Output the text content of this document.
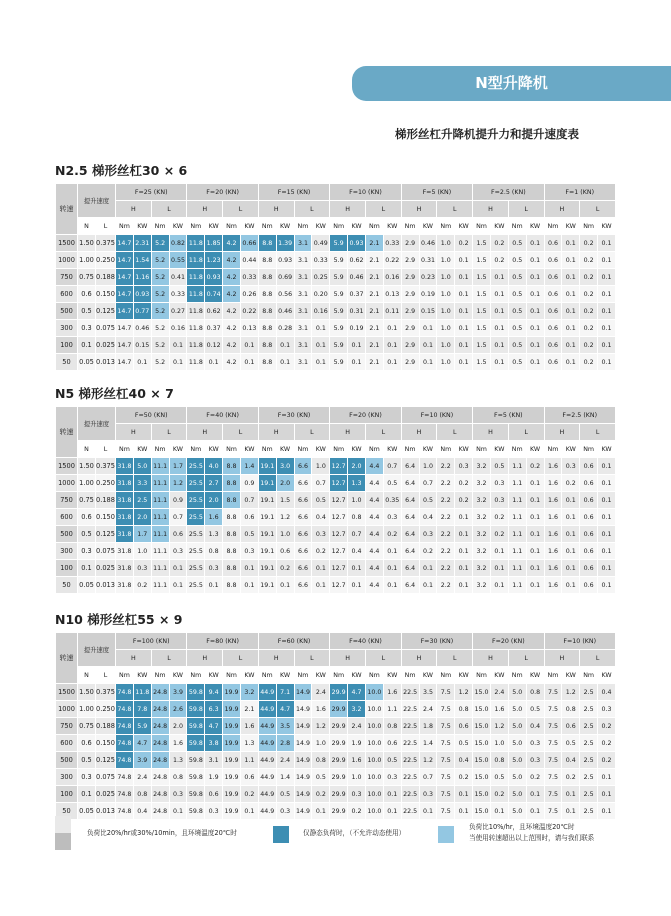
N型升降机
梯形丝杠升降机提升力和提升速度表
N2.5 梯形丝杠30 × 6
转速	提升速度		F=25 (KN)				F=20 (KN)				F=15 (KN)				F=10 (KN)				F=5 (KN)				F=2.5 (KN)				F=1 (KN)			
			H		L		H		L		H		L		H		L		H		L		H		L		H		L	
	N	L	Nm	KW	Nm	KW	Nm	KW	Nm	KW	Nm	KW	Nm	KW	Nm	KW	Nm	KW	Nm	KW	Nm	KW	Nm	KW	Nm	KW	Nm	KW	Nm	KW
1500	1.50	0.375	14.7	2.31	5.2	0.82	11.8	1.85	4.2	0.66	8.8	1.39	3.1	0.49	5.9	0.93	2.1	0.33	2.9	0.46	1.0	0.2	1.5	0.2	0.5	0.1	0.6	0.1	0.2	0.1
1000	1.00	0.250	14.7	1.54	5.2	0.55	11.8	1.23	4.2	0.44	8.8	0.93	3.1	0.33	5.9	0.62	2.1	0.22	2.9	0.31	1.0	0.1	1.5	0.2	0.5	0.1	0.6	0.1	0.2	0.1
750	0.75	0.188	14.7	1.16	5.2	0.41	11.8	0.93	4.2	0.33	8.8	0.69	3.1	0.25	5.9	0.46	2.1	0.16	2.9	0.23	1.0	0.1	1.5	0.1	0.5	0.1	0.6	0.1	0.2	0.1
600	0.6	0.150	14.7	0.93	5.2	0.33	11.8	0.74	4.2	0.26	8.8	0.56	3.1	0.20	5.9	0.37	2.1	0.13	2.9	0.19	1.0	0.1	1.5	0.1	0.5	0.1	0.6	0.1	0.2	0.1
500	0.5	0.125	14.7	0.77	5.2	0.27	11.8	0.62	4.2	0.22	8.8	0.46	3.1	0.16	5.9	0.31	2.1	0.11	2.9	0.15	1.0	0.1	1.5	0.1	0.5	0.1	0.6	0.1	0.2	0.1
300	0.3	0.075	14.7	0.46	5.2	0.16	11.8	0.37	4.2	0.13	8.8	0.28	3.1	0.1	5.9	0.19	2.1	0.1	2.9	0.1	1.0	0.1	1.5	0.1	0.5	0.1	0.6	0.1	0.2	0.1
100	0.1	0.025	14.7	0.15	5.2	0.1	11.8	0.12	4.2	0.1	8.8	0.1	3.1	0.1	5.9	0.1	2.1	0.1	2.9	0.1	1.0	0.1	1.5	0.1	0.5	0.1	0.6	0.1	0.2	0.1
50	0.05	0.013	14.7	0.1	5.2	0.1	11.8	0.1	4.2	0.1	8.8	0.1	3.1	0.1	5.9	0.1	2.1	0.1	2.9	0.1	1.0	0.1	1.5	0.1	0.5	0.1	0.6	0.1	0.2	0.1
N5 梯形丝杠40 × 7
转速	提升速度		F=50 (KN)				F=40 (KN)				F=30 (KN)				F=20 (KN)				F=10 (KN)				F=5 (KN)				F=2.5 (KN)			
			H		L		H		L		H		L		H		L		H		L		H		L		H		L	
	N	L	Nm	KW	Nm	KW	Nm	KW	Nm	KW	Nm	KW	Nm	KW	Nm	KW	Nm	KW	Nm	KW	Nm	KW	Nm	KW	Nm	KW	Nm	KW	Nm	KW
1500	1.50	0.375	31.8	5.0	11.1	1.7	25.5	4.0	8.8	1.4	19.1	3.0	6.6	1.0	12.7	2.0	4.4	0.7	6.4	1.0	2.2	0.3	3.2	0.5	1.1	0.2	1.6	0.3	0.6	0.1
1000	1.00	0.250	31.8	3.3	11.1	1.2	25.5	2.7	8.8	0.9	19.1	2.0	6.6	0.7	12.7	1.3	4.4	0.5	6.4	0.7	2.2	0.2	3.2	0.3	1.1	0.1	1.6	0.2	0.6	0.1
750	0.75	0.188	31.8	2.5	11.1	0.9	25.5	2.0	8.8	0.7	19.1	1.5	6.6	0.5	12.7	1.0	4.4	0.35	6.4	0.5	2.2	0.2	3.2	0.3	1.1	0.1	1.6	0.1	0.6	0.1
600	0.6	0.150	31.8	2.0	11.1	0.7	25.5	1.6	8.8	0.6	19.1	1.2	6.6	0.4	12.7	0.8	4.4	0.3	6.4	0.4	2.2	0.1	3.2	0.2	1.1	0.1	1.6	0.1	0.6	0.1
500	0.5	0.125	31.8	1.7	11.1	0.6	25.5	1.3	8.8	0.5	19.1	1.0	6.6	0.3	12.7	0.7	4.4	0.2	6.4	0.3	2.2	0.1	3.2	0.2	1.1	0.1	1.6	0.1	0.6	0.1
300	0.3	0.075	31.8	1.0	11.1	0.3	25.5	0.8	8.8	0.3	19.1	0.6	6.6	0.2	12.7	0.4	4.4	0.1	6.4	0.2	2.2	0.1	3.2	0.1	1.1	0.1	1.6	0.1	0.6	0.1
100	0.1	0.025	31.8	0.3	11.1	0.1	25.5	0.3	8.8	0.1	19.1	0.2	6.6	0.1	12.7	0.1	4.4	0.1	6.4	0.1	2.2	0.1	3.2	0.1	1.1	0.1	1.6	0.1	0.6	0.1
50	0.05	0.013	31.8	0.2	11.1	0.1	25.5	0.1	8.8	0.1	19.1	0.1	6.6	0.1	12.7	0.1	4.4	0.1	6.4	0.1	2.2	0.1	3.2	0.1	1.1	0.1	1.6	0.1	0.6	0.1
N10 梯形丝杠55 × 9
转速	提升速度		F=100 (KN)				F=80 (KN)				F=60 (KN)				F=40 (KN)				F=30 (KN)				F=20 (KN)				F=10 (KN)			
			H		L		H		L		H		L		H		L		H		L		H		L		H		L	
	N	L	Nm	KW	Nm	KW	Nm	KW	Nm	KW	Nm	KW	Nm	KW	Nm	KW	Nm	KW	Nm	KW	Nm	KW	Nm	KW	Nm	KW	Nm	KW	Nm	KW
1500	1.50	0.375	74.8	11.8	24.8	3.9	59.8	9.4	19.9	3.2	44.9	7.1	14.9	2.4	29.9	4.7	10.0	1.6	22.5	3.5	7.5	1.2	15.0	2.4	5.0	0.8	7.5	1.2	2.5	0.4
1000	1.00	0.250	74.8	7.8	24.8	2.6	59.8	6.3	19.9	2.1	44.9	4.7	14.9	1.6	29.9	3.2	10.0	1.1	22.5	2.4	7.5	0.8	15.0	1.6	5.0	0.5	7.5	0.8	2.5	0.3
750	0.75	0.188	74.8	5.9	24.8	2.0	59.8	4.7	19.9	1.6	44.9	3.5	14.9	1.2	29.9	2.4	10.0	0.8	22.5	1.8	7.5	0.6	15.0	1.2	5.0	0.4	7.5	0.6	2.5	0.2
600	0.6	0.150	74.8	4.7	24.8	1.6	59.8	3.8	19.9	1.3	44.9	2.8	14.9	1.0	29.9	1.9	10.0	0.6	22.5	1.4	7.5	0.5	15.0	1.0	5.0	0.3	7.5	0.5	2.5	0.2
500	0.5	0.125	74.8	3.9	24.8	1.3	59.8	3.1	19.9	1.1	44.9	2.4	14.9	0.8	29.9	1.6	10.0	0.5	22.5	1.2	7.5	0.4	15.0	0.8	5.0	0.3	7.5	0.4	2.5	0.2
300	0.3	0.075	74.8	2.4	24.8	0.8	59.8	1.9	19.9	0.6	44.9	1.4	14.9	0.5	29.9	1.0	10.0	0.3	22.5	0.7	7.5	0.2	15.0	0.5	5.0	0.2	7.5	0.2	2.5	0.1
100	0.1	0.025	74.8	0.8	24.8	0.3	59.8	0.6	19.9	0.2	44.9	0.5	14.9	0.2	29.9	0.3	10.0	0.1	22.5	0.3	7.5	0.1	15.0	0.2	5.0	0.1	7.5	0.1	2.5	0.1
50	0.05	0.013	74.8	0.4	24.8	0.1	59.8	0.3	19.9	0.1	44.9	0.3	14.9	0.1	29.9	0.2	10.0	0.1	22.5	0.1	7.5	0.1	15.0	0.1	5.0	0.1	7.5	0.1	2.5	0.1
负荷比20%/hr或30%/10min，且环境温度20℃时	仅静态负荷时，（不允许动态使用）
负荷比10%/hr，且环境温度20℃时
当使用转速超出以上范围时，请与我们联系
